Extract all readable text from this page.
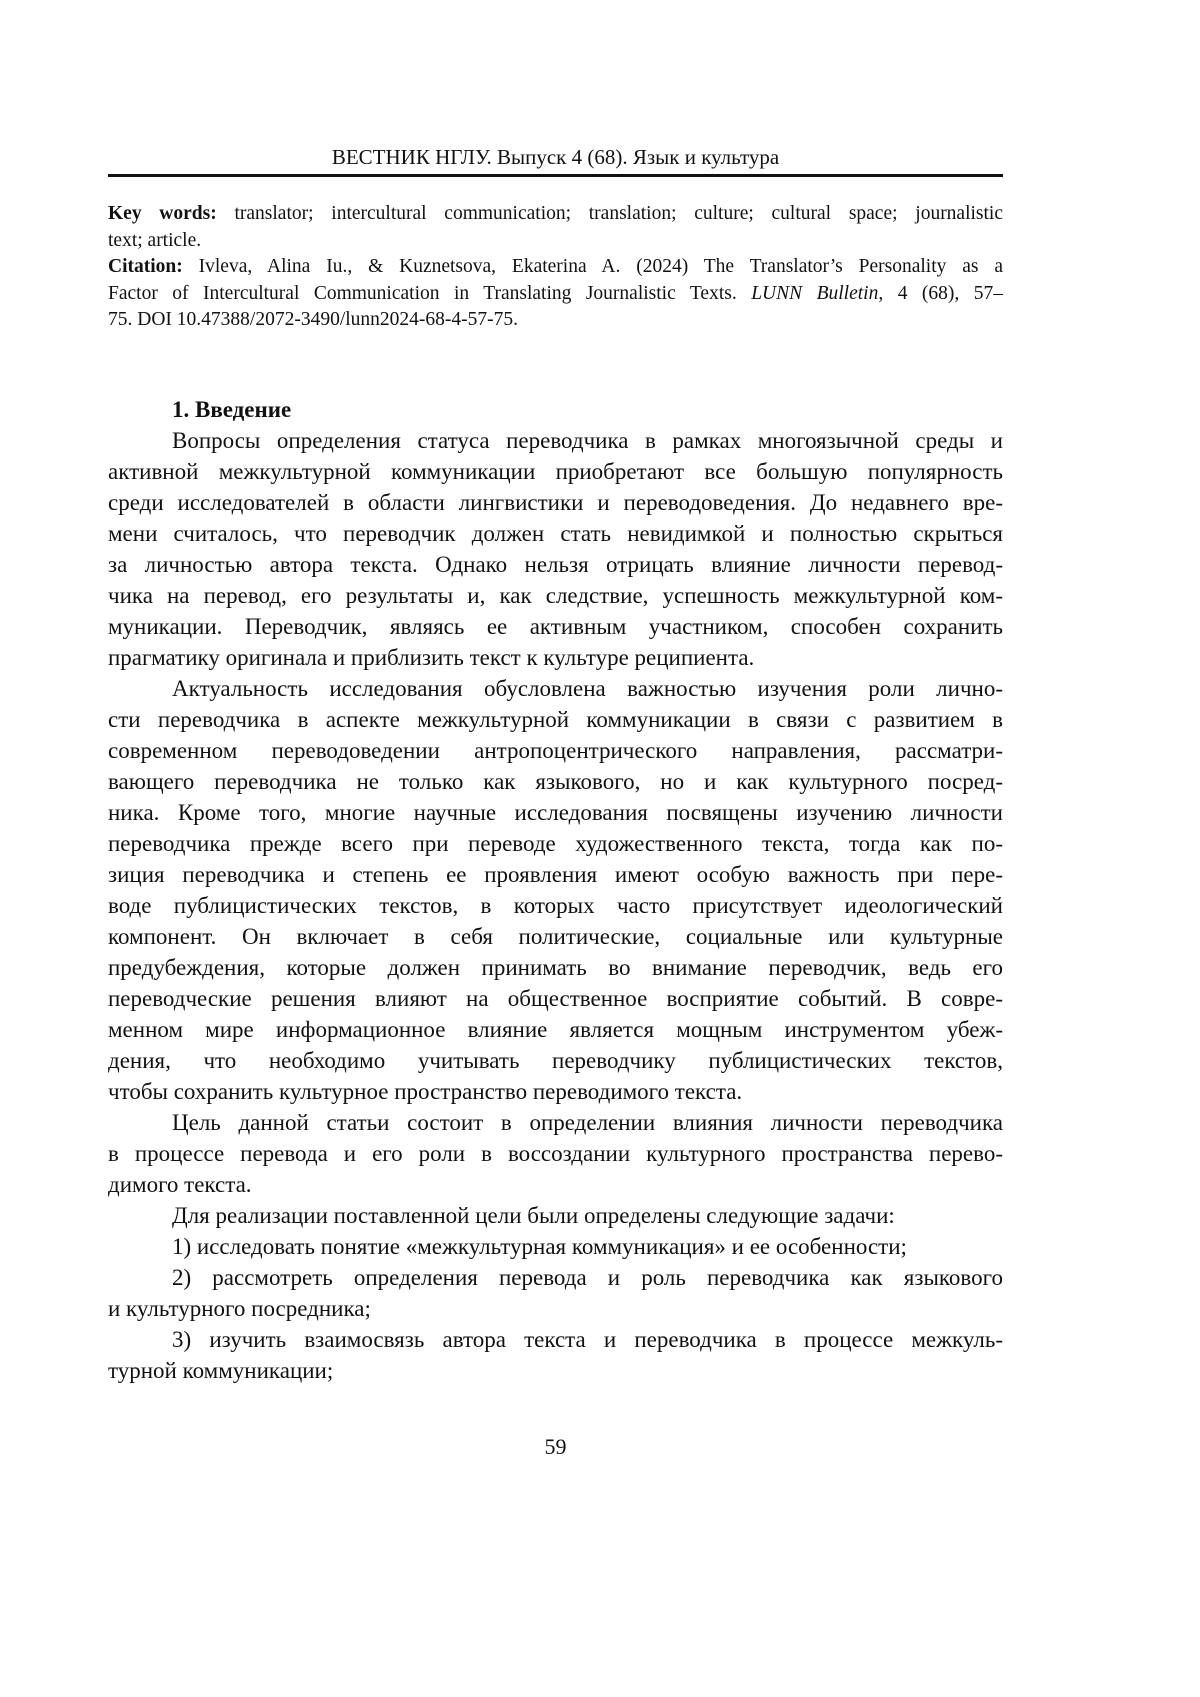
ВЕСТНИК НГЛУ. Выпуск 4 (68). Язык и культура
Key words: translator; intercultural communication; translation; culture; cultural space; journalistic
text; article.
Citation: Ivleva, Alina Iu., & Kuznetsova, Ekaterina A. (2024) The Translator’s Personality as a
Factor of Intercultural Communication in Translating Journalistic Texts. LUNN Bulletin, 4 (68), 57–
75. DOI 10.47388/2072-3490/lunn2024-68-4-57-75.
1. Введение
Вопросы определения статуса переводчика в рамках многоязычной среды и
активной межкультурной коммуникации приобретают все большую популярность
среди исследователей в области лингвистики и переводоведения. До недавнего вре-
мени считалось, что переводчик должен стать невидимкой и полностью скрыться
за личностью автора текста. Однако нельзя отрицать влияние личности перевод-
чика на перевод, его результаты и, как следствие, успешность межкультурной ком-
муникации. Переводчик, являясь ее активным участником, способен сохранить
прагматику оригинала и приблизить текст к культуре реципиента.
Актуальность исследования обусловлена важностью изучения роли лично-
сти переводчика в аспекте межкультурной коммуникации в связи с развитием в
современном переводоведении антропоцентрического направления, рассматри-
вающего переводчика не только как языкового, но и как культурного посред-
ника. Кроме того, многие научные исследования посвящены изучению личности
переводчика прежде всего при переводе художественного текста, тогда как по-
зиция переводчика и степень ее проявления имеют особую важность при пере-
воде публицистических текстов, в которых часто присутствует идеологический
компонент. Он включает в себя политические, социальные или культурные
предубеждения, которые должен принимать во внимание переводчик, ведь его
переводческие решения влияют на общественное восприятие событий. В совре-
менном мире информационное влияние является мощным инструментом убеж-
дения, что необходимо учитывать переводчику публицистических текстов,
чтобы сохранить культурное пространство переводимого текста.
Цель данной статьи состоит в определении влияния личности переводчика
в процессе перевода и его роли в воссоздании культурного пространства перево-
димого текста.
Для реализации поставленной цели были определены следующие задачи:
1) исследовать понятие «межкультурная коммуникация» и ее особенности;
2) рассмотреть определения перевода и роль переводчика как языкового
и культурного посредника;
3) изучить взаимосвязь автора текста и переводчика в процессе межкуль-
турной коммуникации;
59
